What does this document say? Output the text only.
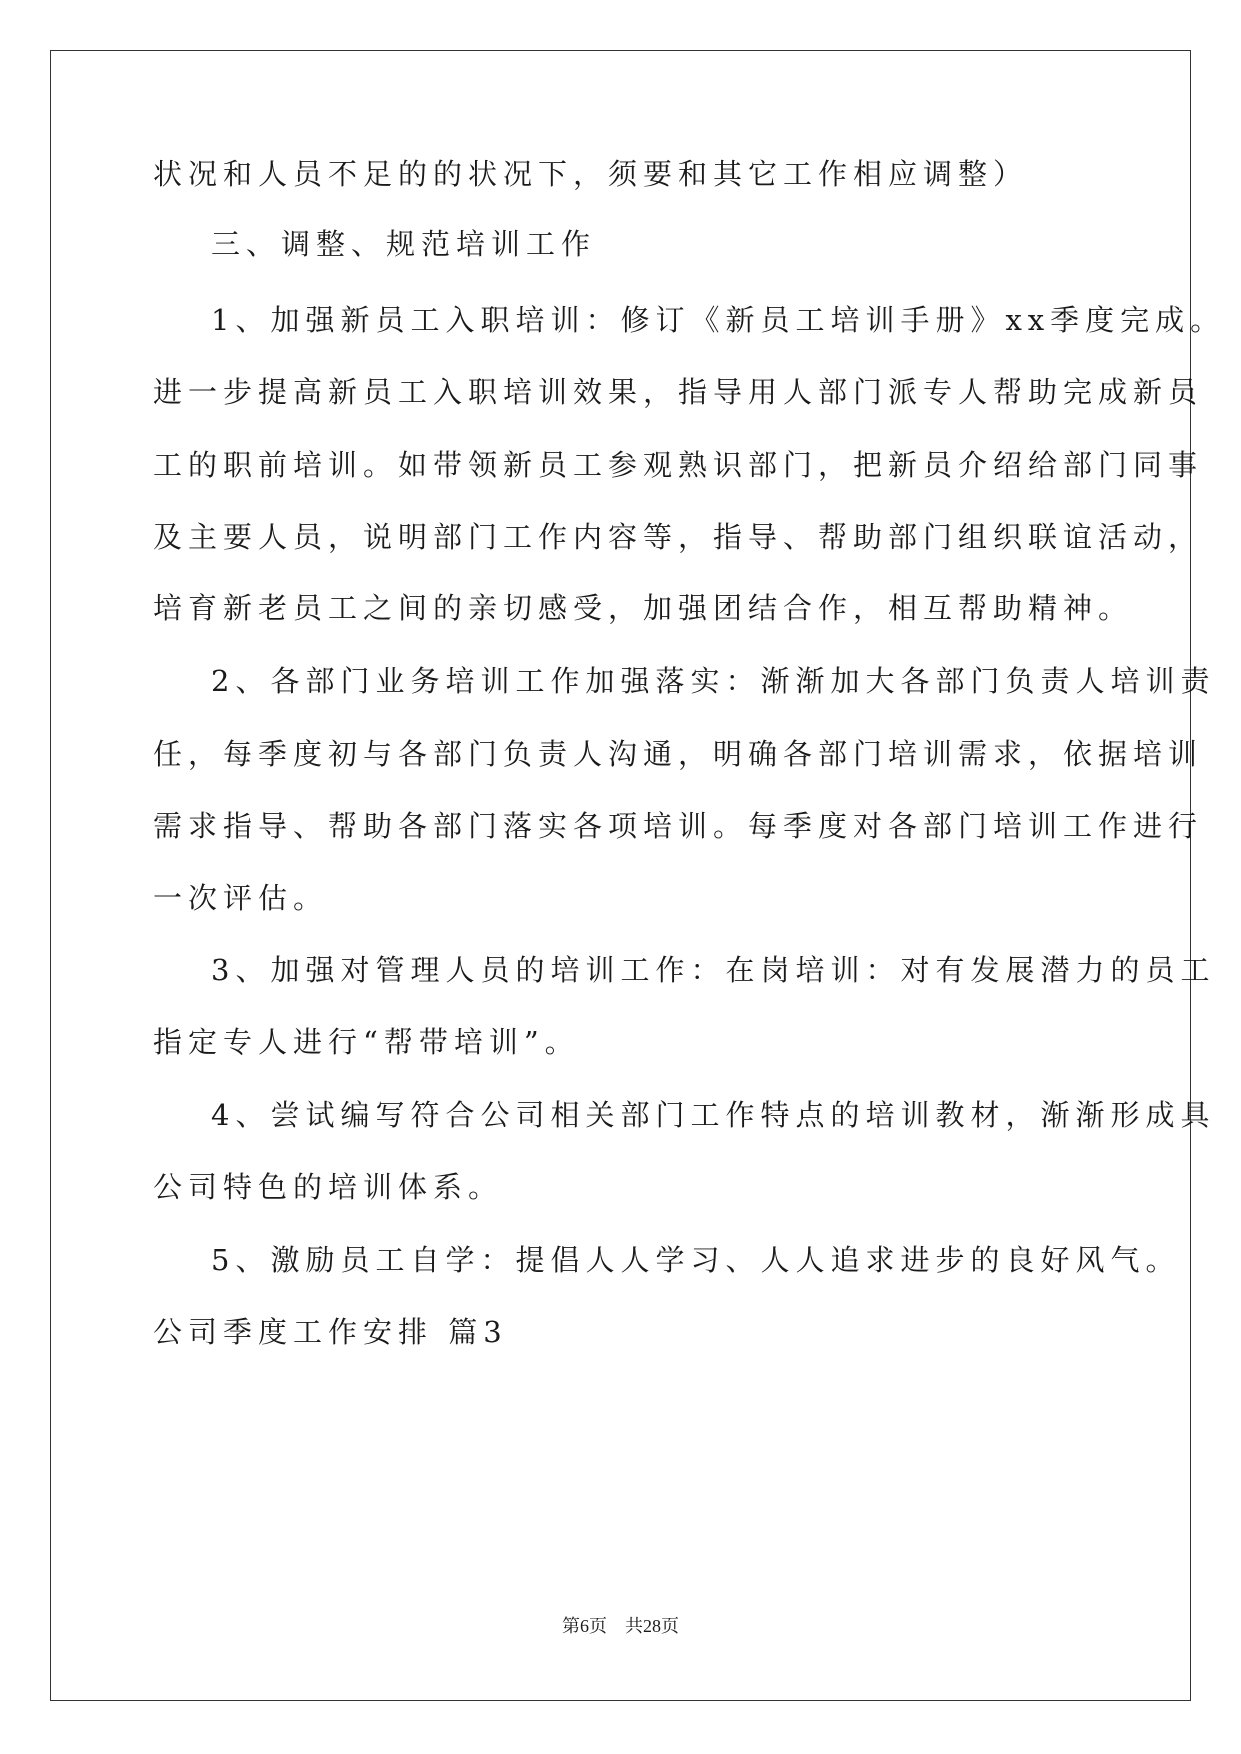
状况和人员不足的的状况下，须要和其它工作相应调整）
三、调整、规范培训工作
1、加强新员工入职培训：修订《新员工培训手册》xx季度完成。
进一步提高新员工入职培训效果，指导用人部门派专人帮助完成新员
工的职前培训。如带领新员工参观熟识部门，把新员介绍给部门同事
及主要人员，说明部门工作内容等，指导、帮助部门组织联谊活动，
培育新老员工之间的亲切感受，加强团结合作，相互帮助精神。
2、各部门业务培训工作加强落实：渐渐加大各部门负责人培训责
任，每季度初与各部门负责人沟通，明确各部门培训需求，依据培训
需求指导、帮助各部门落实各项培训。每季度对各部门培训工作进行
一次评估。
3、加强对管理人员的培训工作：在岗培训：对有发展潜力的员工
指定专人进行“帮带培训”。
4、尝试编写符合公司相关部门工作特点的培训教材，渐渐形成具
公司特色的培训体系。
5、激励员工自学：提倡人人学习、人人追求进步的良好风气。
公司季度工作安排 篇3
第6页    共28页
